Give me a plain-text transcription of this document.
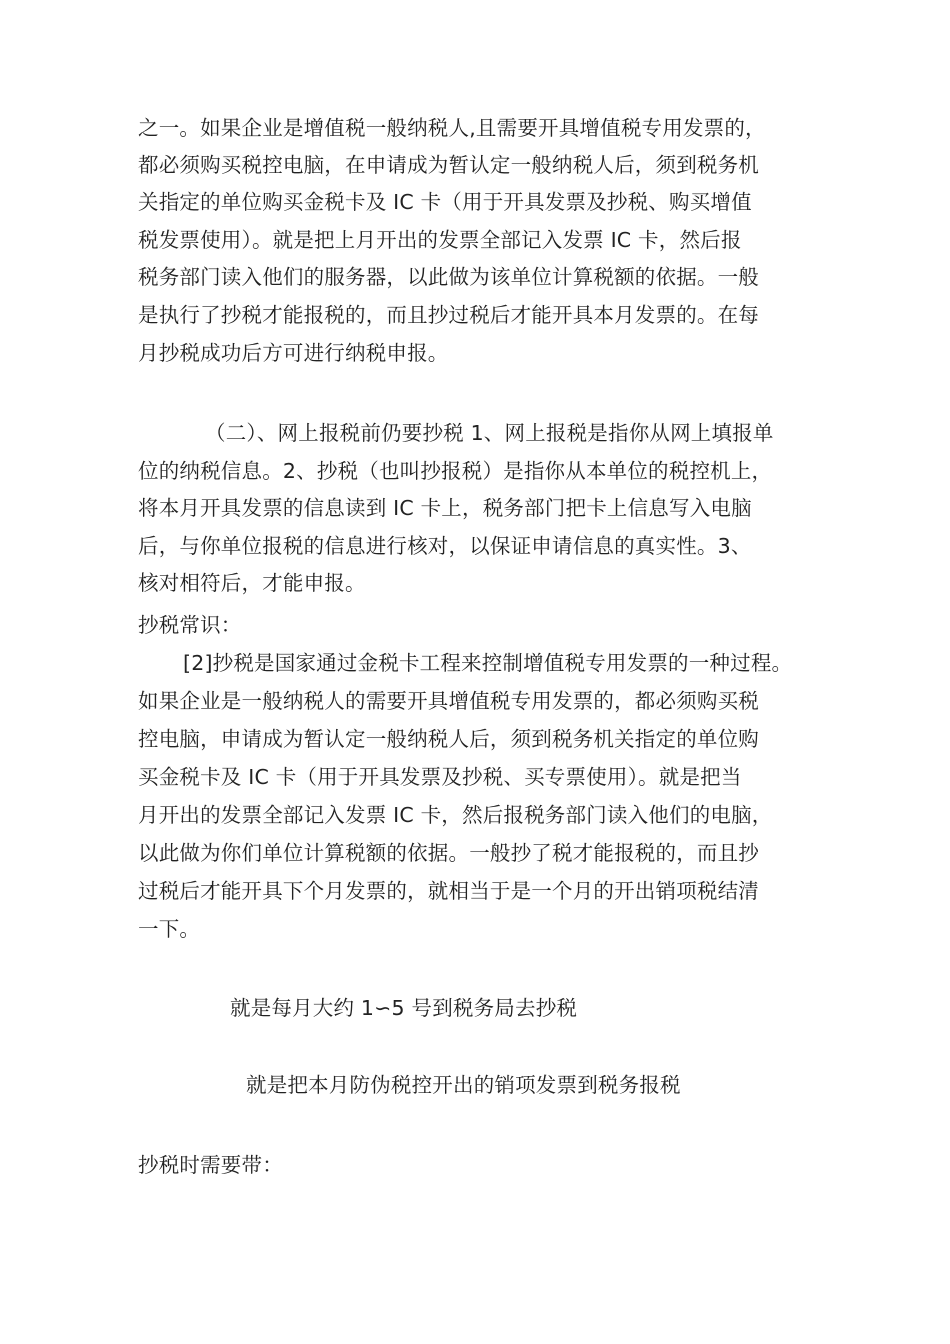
之一。如果企业是增值税一般纳税人,且需要开具增值税专用发票的，
都必须购买税控电脑，在申请成为暂认定一般纳税人后，须到税务机
关指定的单位购买金税卡及 IC 卡（用于开具发票及抄税、购买增值
税发票使用）。就是把上月开出的发票全部记入发票 IC 卡，然后报
税务部门读入他们的服务器，以此做为该单位计算税额的依据。一般
是执行了抄税才能报税的，而且抄过税后才能开具本月发票的。在每
月抄税成功后方可进行纳税申报。
（二）、网上报税前仍要抄税 1、网上报税是指你从网上填报单
位的纳税信息。2、抄税（也叫抄报税）是指你从本单位的税控机上，
将本月开具发票的信息读到 IC 卡上，税务部门把卡上信息写入电脑
后，与你单位报税的信息进行核对，以保证申请信息的真实性。3、
核对相符后，才能申报。
抄税常识：
[2]抄税是国家通过金税卡工程来控制增值税专用发票的一种过程。
如果企业是一般纳税人的需要开具增值税专用发票的，都必须购买税
控电脑，申请成为暂认定一般纳税人后，须到税务机关指定的单位购
买金税卡及 IC 卡（用于开具发票及抄税、买专票使用）。就是把当
月开出的发票全部记入发票 IC 卡，然后报税务部门读入他们的电脑，
以此做为你们单位计算税额的依据。一般抄了税才能报税的，而且抄
过税后才能开具下个月发票的，就相当于是一个月的开出销项税结清
一下。
就是每月大约 1∽5 号到税务局去抄税
就是把本月防伪税控开出的销项发票到税务报税
抄税时需要带：
